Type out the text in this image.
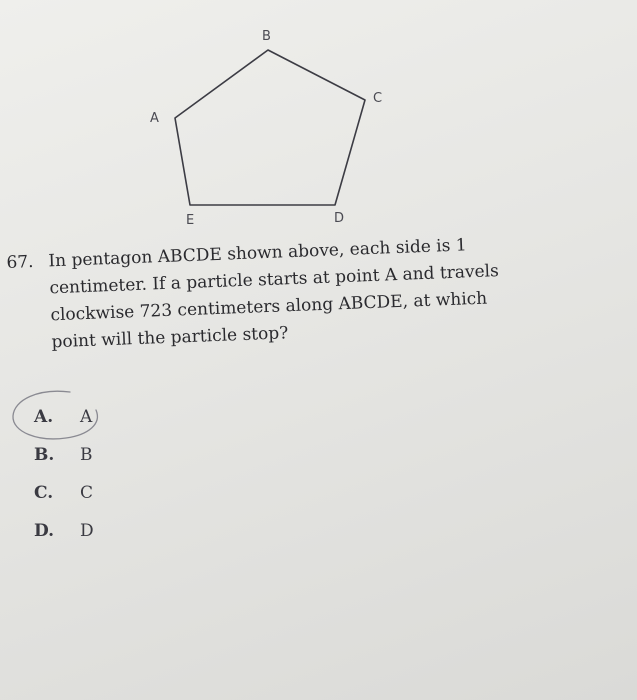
A
B
C
D
E
67. In pentagon ABCDE shown above, each side is 1 centimeter. If a particle starts at point A and travels clockwise 723 centimeters along ABCDE, at which point will the particle stop?
A. A
B. B
C. C
D. D
